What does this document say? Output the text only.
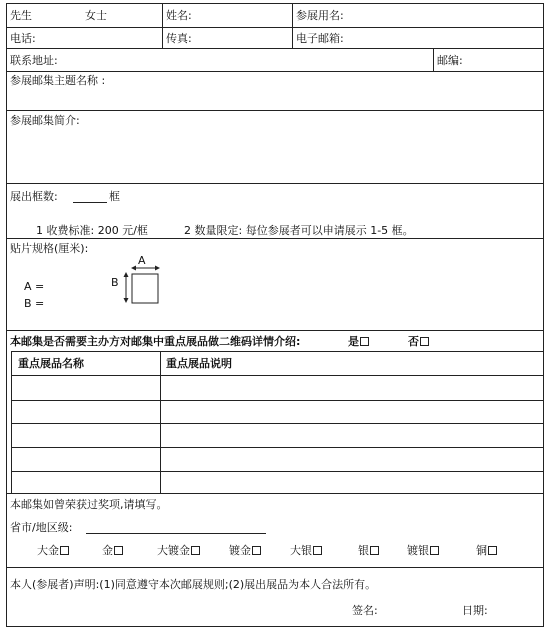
先生	女士	姓名:	参展用名:
电话:	传真:	电子邮箱:
联系地址:	邮编:
参展邮集主题名称 :
参展邮集简介:
展出框数:	框
1 收费标准: 200 元/框	2 数量限定: 每位参展者可以申请展示 1-5 框。
贴片规格(厘米):
A =
B =
A
B
本邮集是否需要主办方对邮集中重点展品做二维码详情介绍:	是	否
重点展品名称	重点展品说明
本邮集如曾荣获过奖项,请填写。
省市/地区级:
大金	金	大镀金	镀金	大银	银	镀银	铜
本人(参展者)声明:(1)同意遵守本次邮展规则;(2)展出展品为本人合法所有。
签名:	日期:
